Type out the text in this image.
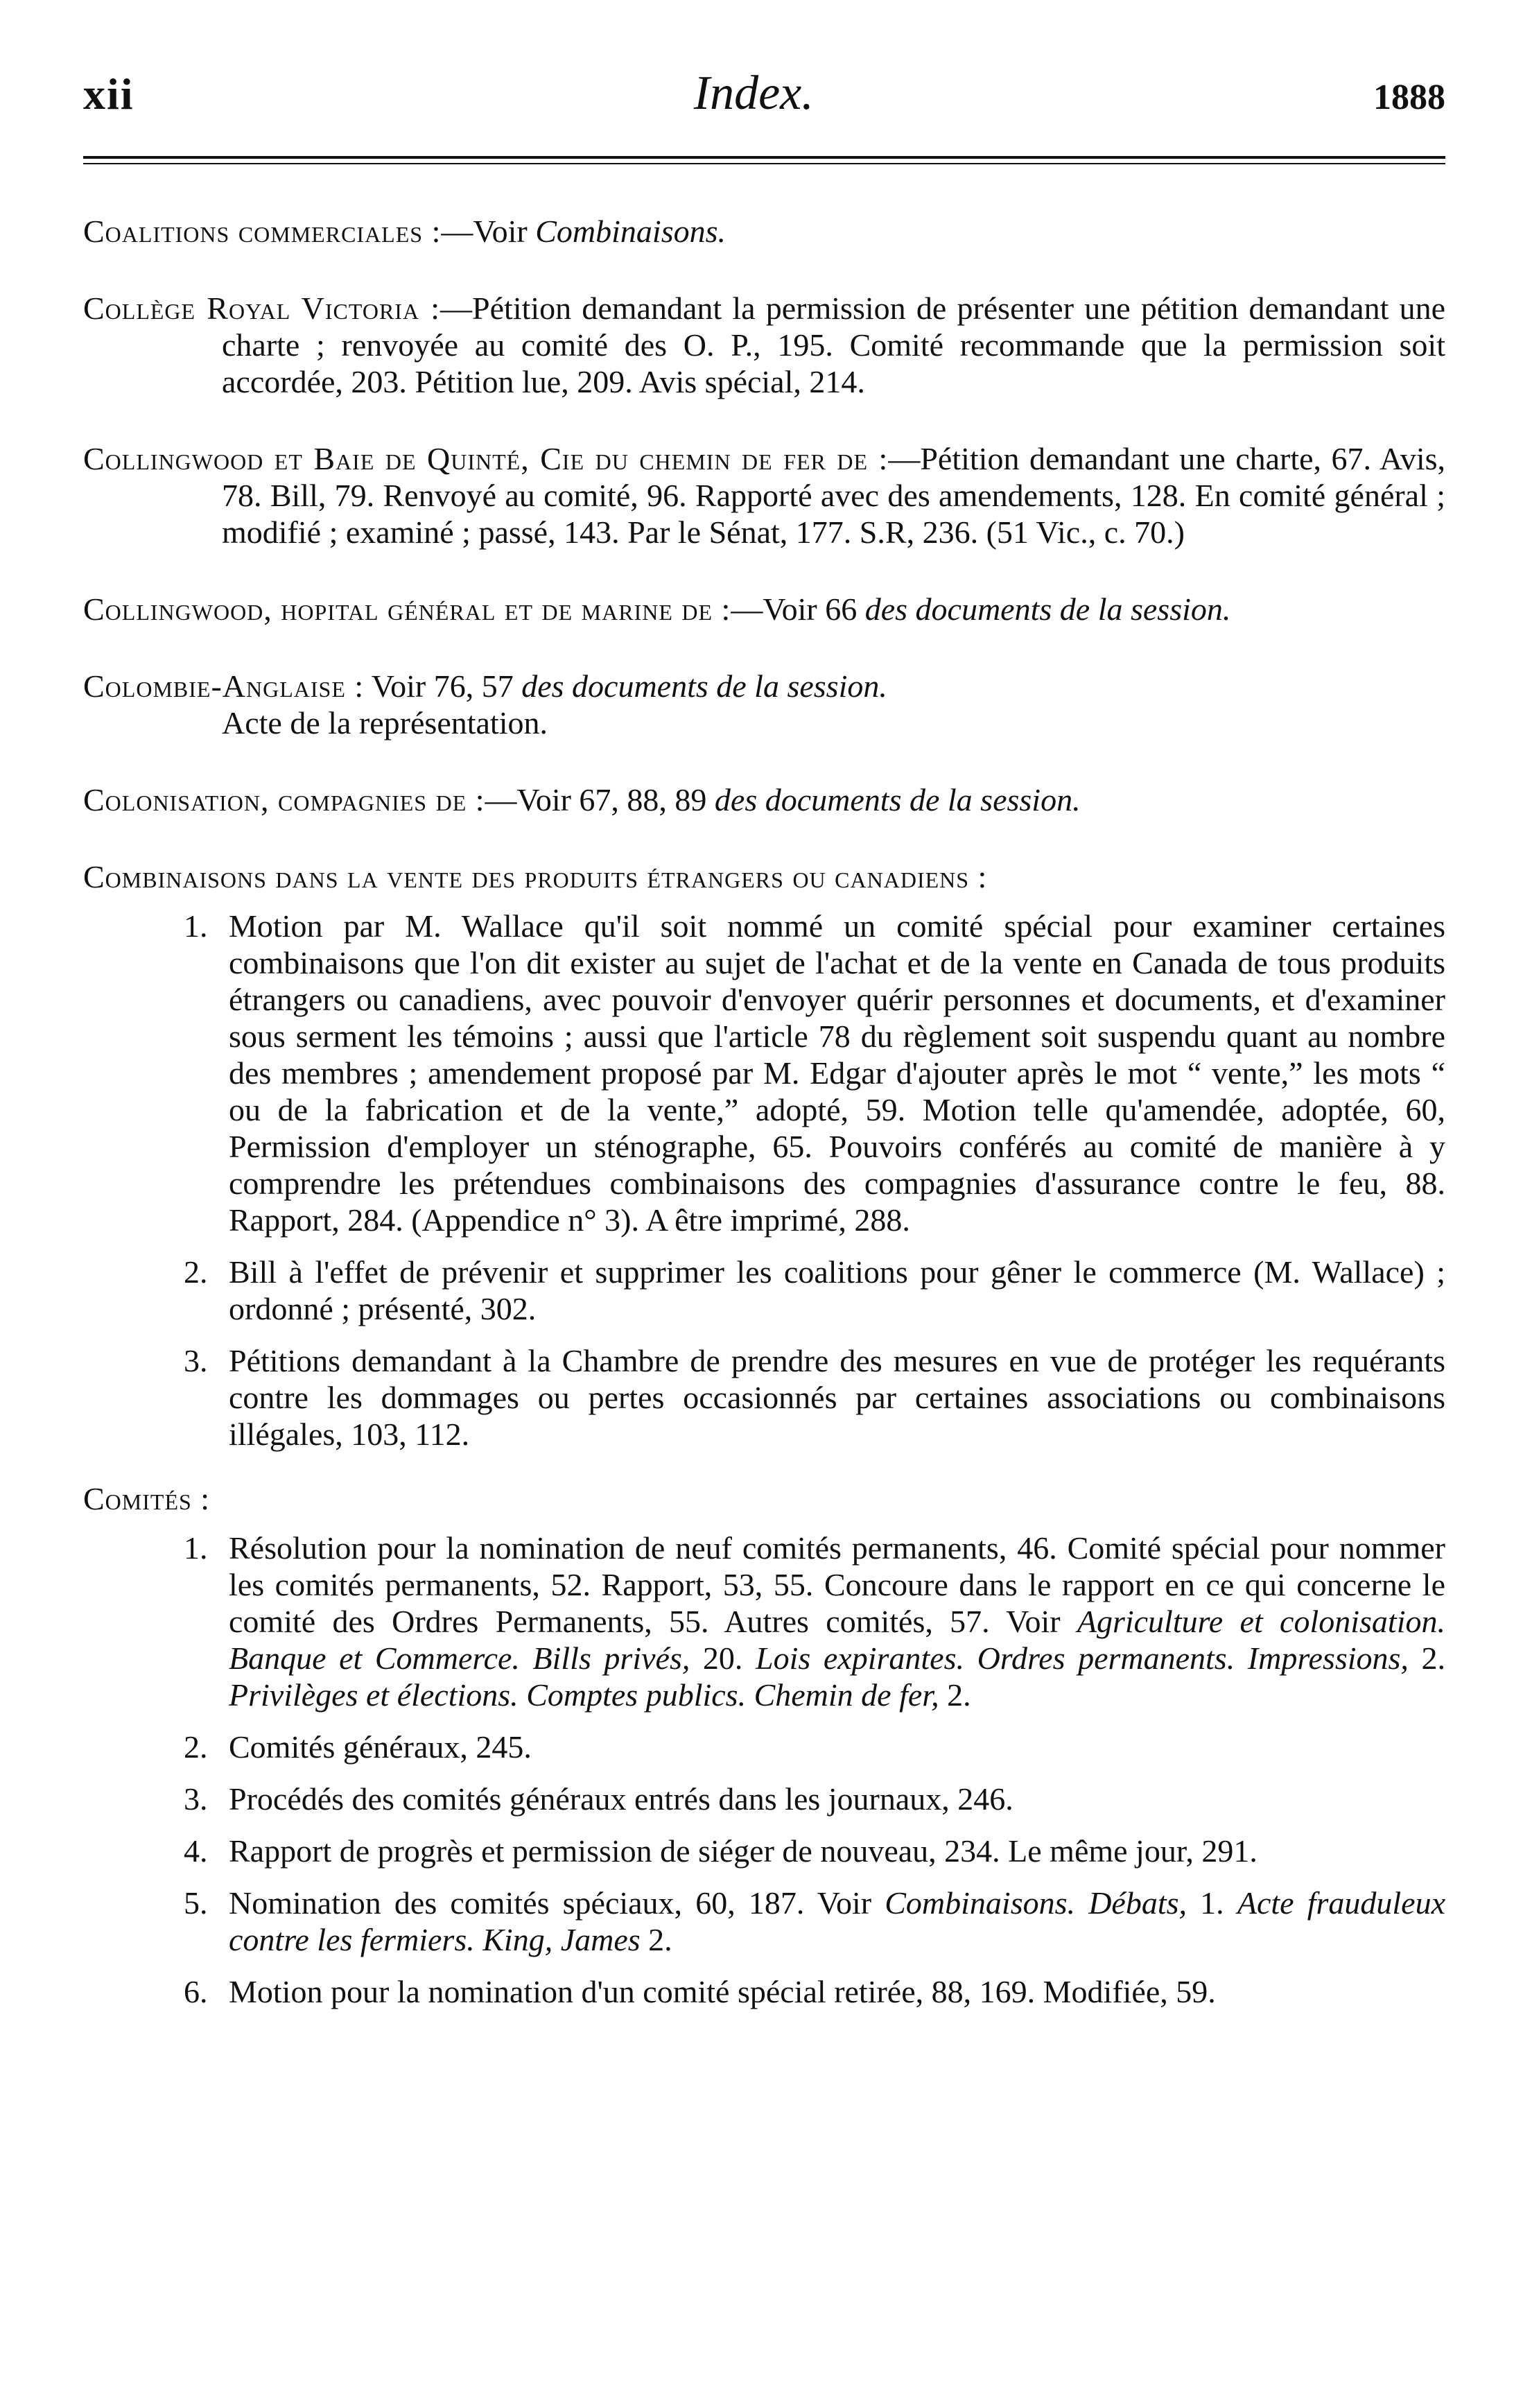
xii	Index.	1888
Coalitions commerciales :—Voir Combinaisons.
Collège Royal Victoria :—Pétition demandant la permission de présenter une pétition demandant une charte ; renvoyée au comité des O. P., 195. Comité recommande que la permission soit accordée, 203. Pétition lue, 209. Avis spécial, 214.
Collingwood et Baie de Quinté, Cie du chemin de fer de :—Pétition demandant une charte, 67. Avis, 78. Bill, 79. Renvoyé au comité, 96. Rapporté avec des amendements, 128. En comité général ; modifié ; examiné ; passé, 143. Par le Sénat, 177. S.R, 236. (51 Vic., c. 70.)
Collingwood, hopital général et de marine de :—Voir 66 des documents de la session.
Colombie-Anglaise : Voir 76, 57 des documents de la session.
Acte de la représentation.
Colonisation, compagnies de :—Voir 67, 88, 89 des documents de la session.
Combinaisons dans la vente des produits étrangers ou canadiens :
1. Motion par M. Wallace qu'il soit nommé un comité spécial pour examiner certaines combinaisons que l'on dit exister au sujet de l'achat et de la vente en Canada de tous produits étrangers ou canadiens, avec pouvoir d'envoyer quérir personnes et documents, et d'examiner sous serment les témoins ; aussi que l'article 78 du règlement soit suspendu quant au nombre des membres ; amendement proposé par M. Edgar d'ajouter après le mot “ vente,” les mots “ ou de la fabrication et de la vente,” adopté, 59. Motion telle qu'amendée, adoptée, 60, Permission d'employer un sténographe, 65. Pouvoirs conférés au comité de manière à y comprendre les prétendues combinaisons des compagnies d'assurance contre le feu, 88. Rapport, 284. (Appendice n° 3). A être imprimé, 288.
2. Bill à l'effet de prévenir et supprimer les coalitions pour gêner le commerce (M. Wallace) ; ordonné ; présenté, 302.
3. Pétitions demandant à la Chambre de prendre des mesures en vue de protéger les requérants contre les dommages ou pertes occasionnés par certaines associations ou combinaisons illégales, 103, 112.
Comités :
1. Résolution pour la nomination de neuf comités permanents, 46. Comité spécial pour nommer les comités permanents, 52. Rapport, 53, 55. Concoure dans le rapport en ce qui concerne le comité des Ordres Permanents, 55. Autres comités, 57. Voir Agriculture et colonisation. Banque et Commerce. Bills privés, 20. Lois expirantes. Ordres permanents. Impressions, 2. Privilèges et élections. Comptes publics. Chemin de fer, 2.
2. Comités généraux, 245.
3. Procédés des comités généraux entrés dans les journaux, 246.
4. Rapport de progrès et permission de siéger de nouveau, 234. Le même jour, 291.
5. Nomination des comités spéciaux, 60, 187. Voir Combinaisons. Débats, 1. Acte frauduleux contre les fermiers. King, James 2.
6. Motion pour la nomination d'un comité spécial retirée, 88, 169. Modifiée, 59.
